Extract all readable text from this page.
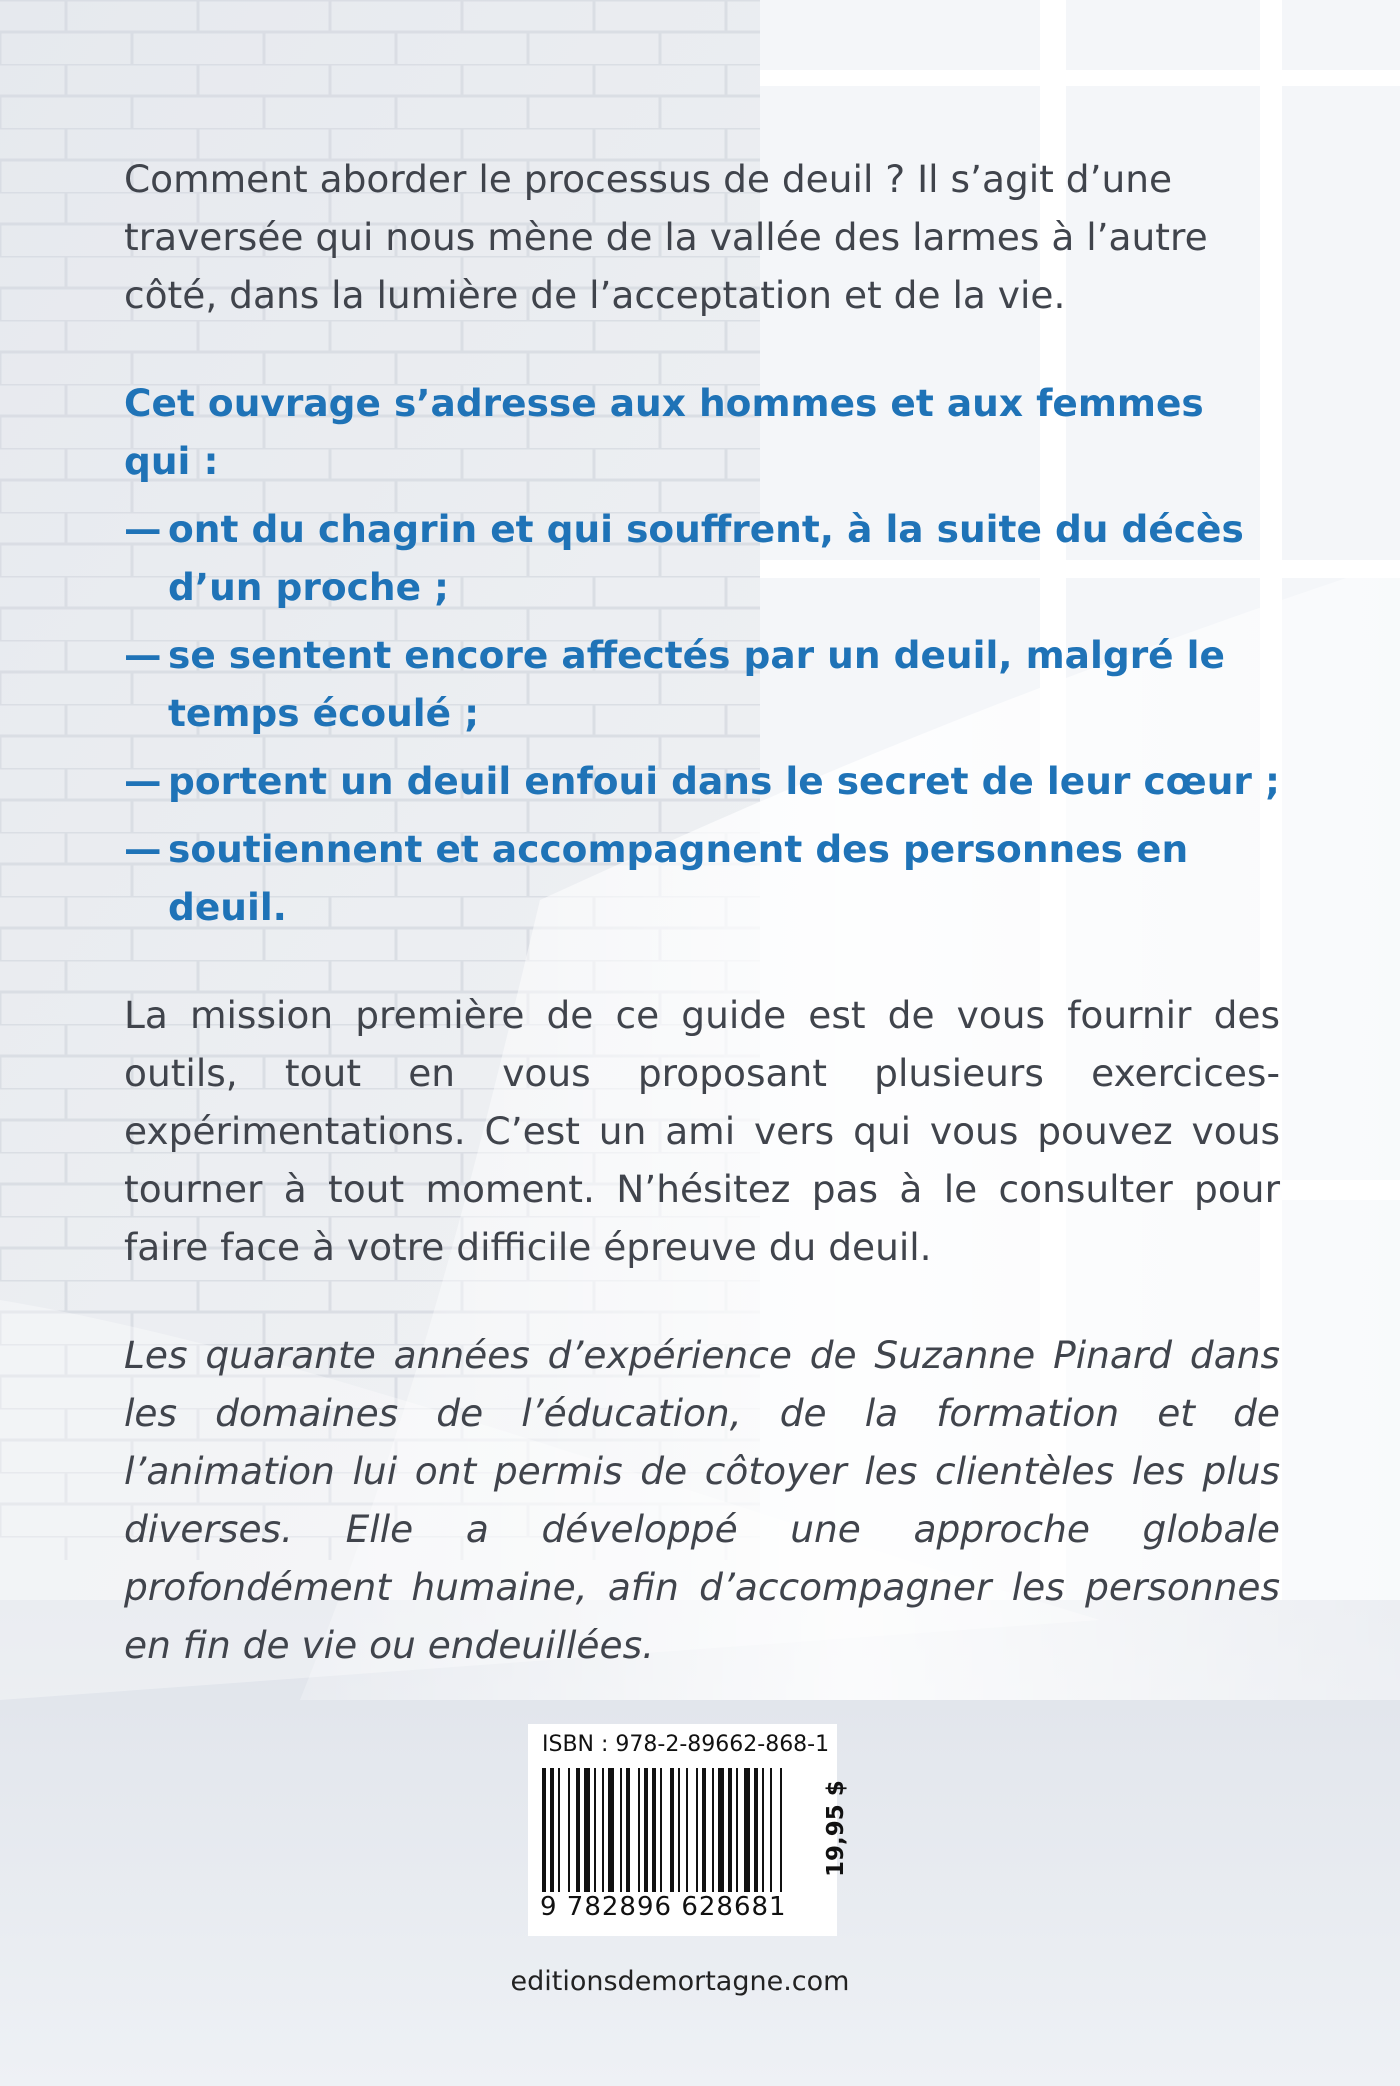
Comment aborder le processus de deuil ? Il s’agit d’une traversée qui nous mène de la vallée des larmes à l’autre côté, dans la lumière de l’acceptation et de la vie.

Cet ouvrage s’adresse aux hommes et aux femmes qui :

— ont du chagrin et qui souffrent, à la suite du décès d’un proche ;

— se sentent encore affectés par un deuil, malgré le temps écoulé ;

— portent un deuil enfoui dans le secret de leur cœur ;

— soutiennent et accompagnent des personnes en deuil.

La mission première de ce guide est de vous fournir des outils, tout en vous proposant plusieurs exercices-expérimentations. C’est un ami vers qui vous pouvez vous tourner à tout moment. N’hésitez pas à le consulter pour faire face à votre difficile épreuve du deuil.

Les quarante années d’expérience de Suzanne Pinard dans les domaines de l’éducation, de la formation et de l’animation lui ont permis de côtoyer les clientèles les plus diverses. Elle a développé une approche globale profondément humaine, afin d’accompagner les personnes en fin de vie ou endeuillées.

ISBN : 978-2-89662-868-1
9 782896 628681
19,95 $
editionsdemortagne.com
